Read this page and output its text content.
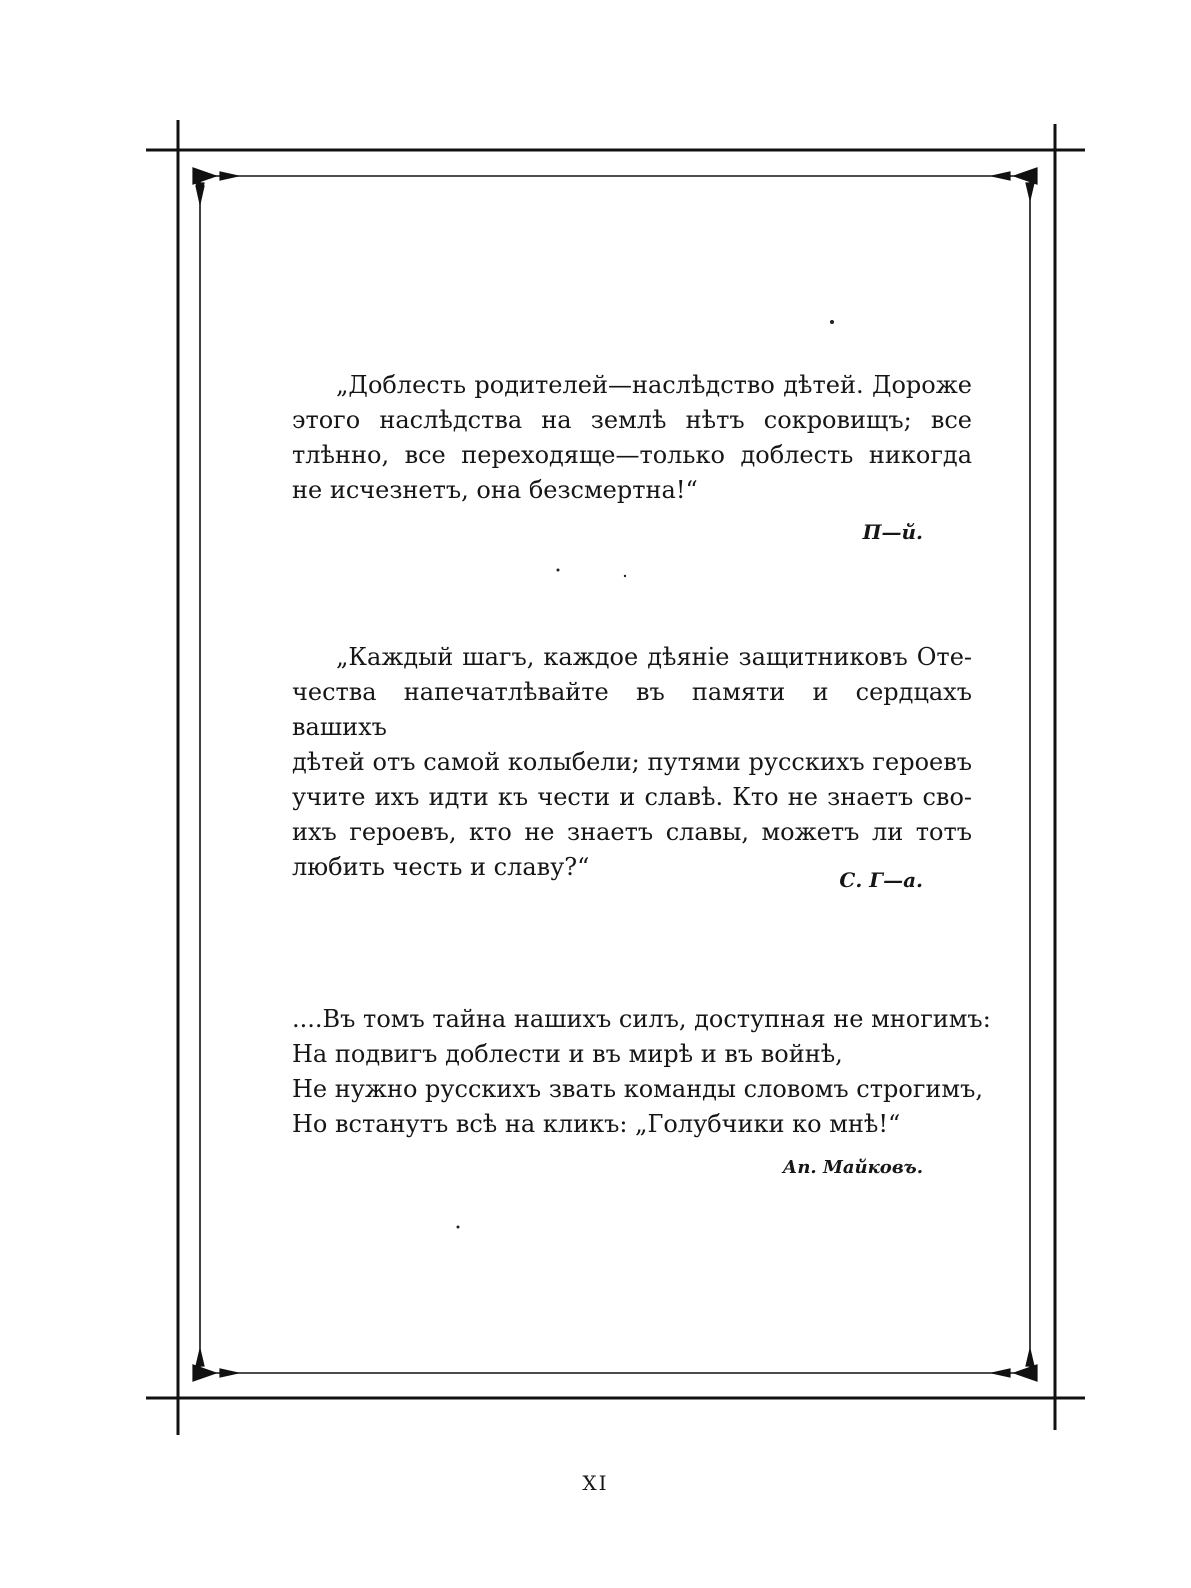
„Доблесть родителей—наслѣдство дѣтей. Дороже
этого наслѣдства на землѣ нѣтъ сокровищъ; все
тлѣнно, все переходяще—только доблесть никогда
не исчезнетъ, она безсмертна!“
П—й.
„Каждый шагъ, каждое дѣяніе защитниковъ Оте-
чества напечатлѣвайте въ памяти и сердцахъ вашихъ
дѣтей отъ самой колыбели; путями русскихъ героевъ
учите ихъ идти къ чести и славѣ. Кто не знаетъ сво-
ихъ героевъ, кто не знаетъ славы, можетъ ли тотъ
любить честь и славу?“	С. Г—а.
....Въ томъ тайна нашихъ силъ, доступная не многимъ:
На подвигъ доблести и въ мирѣ и въ войнѣ,
Не нужно русскихъ звать команды словомъ строгимъ,
Но встанутъ всѣ на кликъ: „Голубчики ко мнѣ!“
Ап. Майковъ.
XI
